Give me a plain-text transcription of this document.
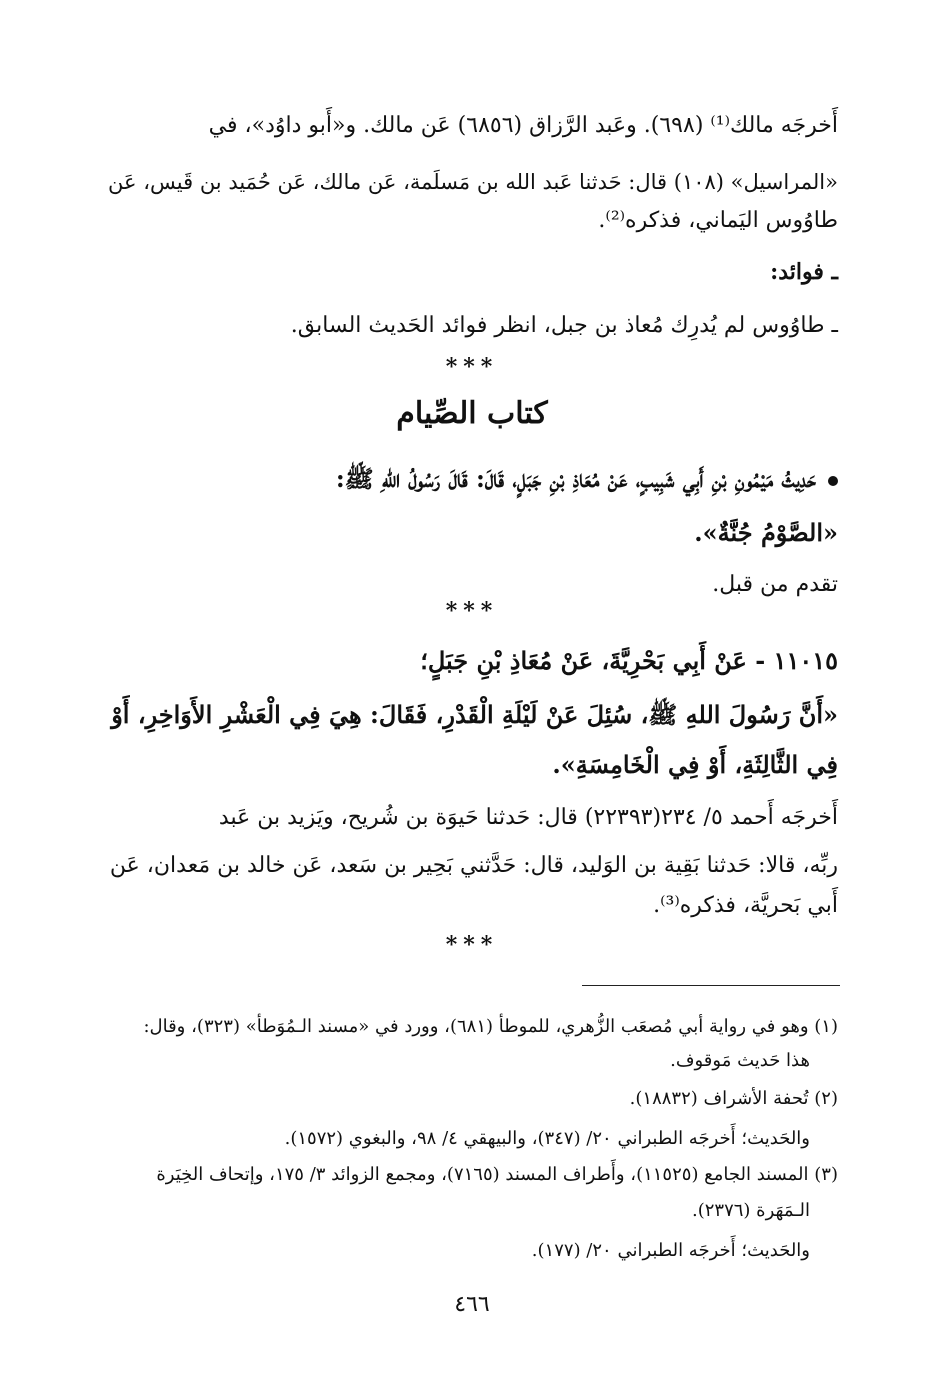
أَخرجَه مالك⁽¹⁾ (٦٩٨). وعَبد الرَّزاق (٦٨٥٦) عَن مالك. و«أَبو داوُد»، في
«المراسيل» (١٠٨) قال: حَدثنا عَبد الله بن مَسلَمة، عَن مالك، عَن حُمَيد بن قَيس، عَن
طاوُوس اليَماني، فذكره⁽²⁾.
ـ فوائد:
ـ طاوُوس لم يُدرِك مُعاذ بن جبل، انظر فوائد الحَديث السابق.
***
كتاب الصِّيام
حَدِيثُ مَيْمُونِ بْنِ أَبِي شَبِيبٍ، عَنْ مُعَاذِ بْنِ جَبَلٍ، قَالَ: قَالَ رَسُولُ اللهِ ﷺ:
«الصَّوْمُ جُنَّةٌ».
تقدم من قبل.
***
١١٠١٥ - عَنْ أَبِي بَحْرِيَّةَ، عَنْ مُعَاذِ بْنِ جَبَلٍ؛
«أَنَّ رَسُولَ اللهِ ﷺ، سُئِلَ عَنْ لَيْلَةِ الْقَدْرِ، فَقَالَ: هِيَ فِي الْعَشْرِ الأَوَاخِرِ، أَوْ
فِي الثَّالِثَةِ، أَوْ فِي الْخَامِسَةِ».
أَخرجَه أَحمد ٥/ ٢٣٤(٢٢٣٩٣) قال: حَدثنا حَيوَة بن شُريح، ويَزيد بن عَبد
ربِّه، قالا: حَدثنا بَقِية بن الوَليد، قال: حَدَّثني بَحِير بن سَعد، عَن خالد بن مَعدان، عَن
أَبي بَحريَّة، فذكره⁽³⁾.
***
(١) وهو في رواية أبي مُصعَب الزُّهري، للموطأ (٦٨١)، وورد في «مسند الـمُوَطأ» (٣٢٣)، وقال:
هذا حَديث مَوقوف.
(٢) تُحفة الأشراف (١٨٨٣٢).
والحَديث؛ أَخرجَه الطبراني ٢٠/ (٣٤٧)، والبيهقي ٤/ ٩٨، والبغوي (١٥٧٢).
(٣) المسند الجامع (١١٥٢٥)، وأَطراف المسند (٧١٦٥)، ومجمع الزوائد ٣/ ١٧٥، وإتحاف الخِيَرة
الـمَهَرة (٢٣٧٦).
والحَديث؛ أَخرجَه الطبراني ٢٠/ (١٧٧).
٤٦٦
